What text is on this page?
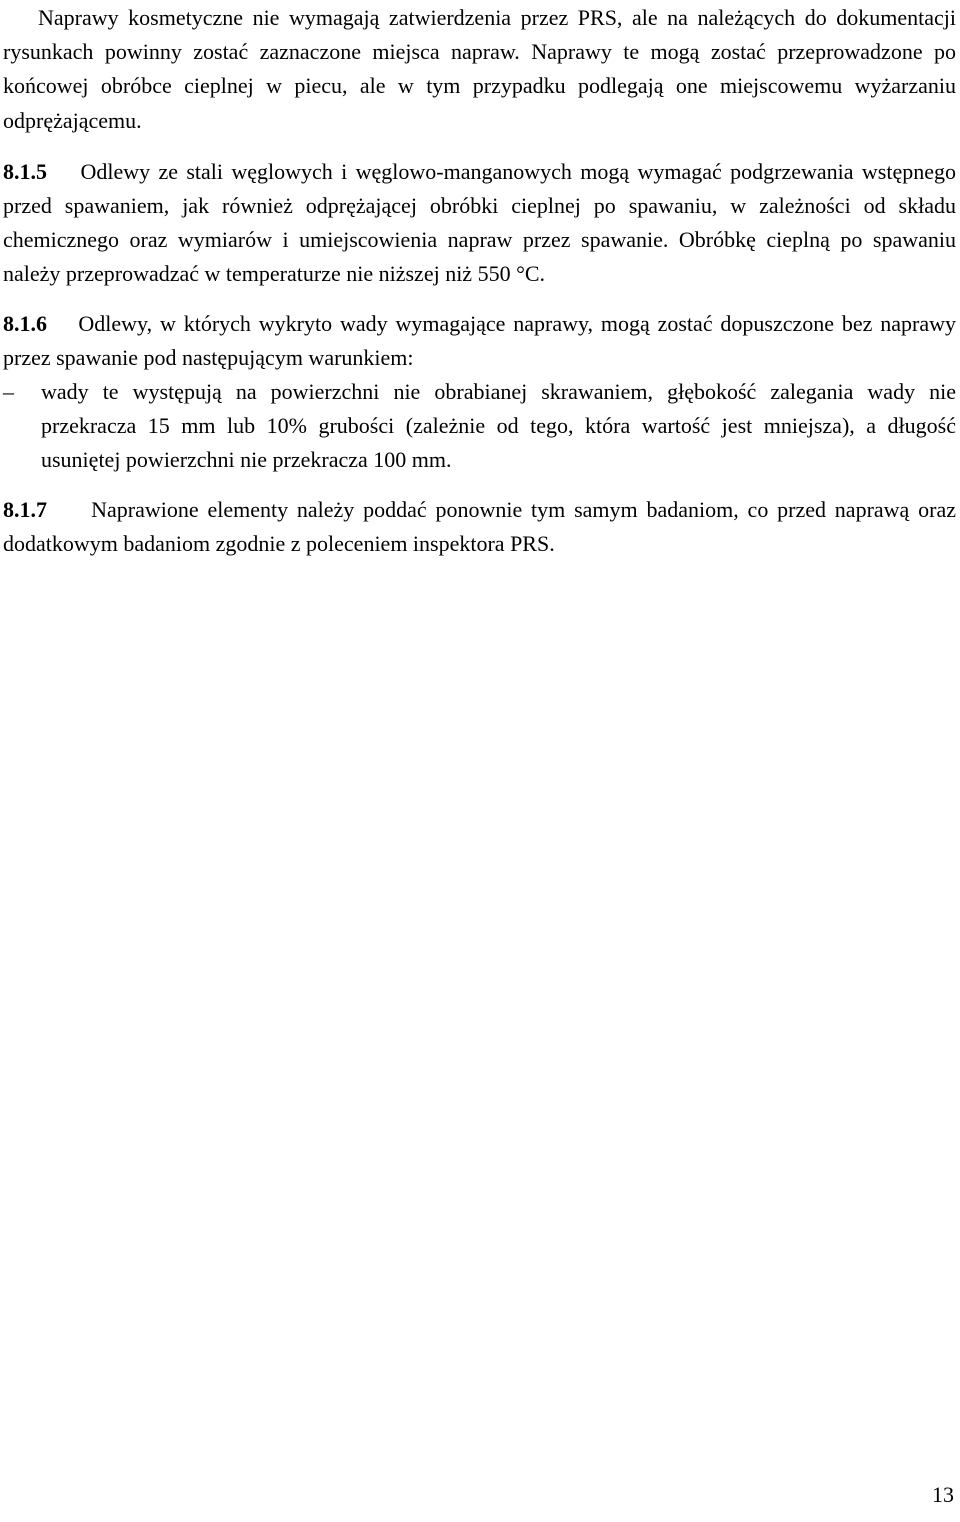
Naprawy kosmetyczne nie wymagają zatwierdzenia przez PRS, ale na należących do dokumentacji rysunkach powinny zostać zaznaczone miejsca napraw. Naprawy te mogą zostać przeprowadzone po końcowej obróbce cieplnej w piecu, ale w tym przypadku podlegają one miejscowemu wyżarzaniu odprężającemu.

8.1.5 Odlewy ze stali węglowych i węglowo-manganowych mogą wymagać podgrzewania wstępnego przed spawaniem, jak również odprężającej obróbki cieplnej po spawaniu, w zależności od składu chemicznego oraz wymiarów i umiejscowienia napraw przez spawanie. Obróbkę cieplną po spawaniu należy przeprowadzać w temperaturze nie niższej niż 550 °C.

8.1.6 Odlewy, w których wykryto wady wymagające naprawy, mogą zostać dopuszczone bez naprawy przez spawanie pod następującym warunkiem:

– wady te występują na powierzchni nie obrabianej skrawaniem, głębokość zalegania wady nie przekracza 15 mm lub 10% grubości (zależnie od tego, która wartość jest mniejsza), a długość usuniętej powierzchni nie przekracza 100 mm.

8.1.7 Naprawione elementy należy poddać ponownie tym samym badaniom, co przed naprawą oraz dodatkowym badaniom zgodnie z poleceniem inspektora PRS.

13
